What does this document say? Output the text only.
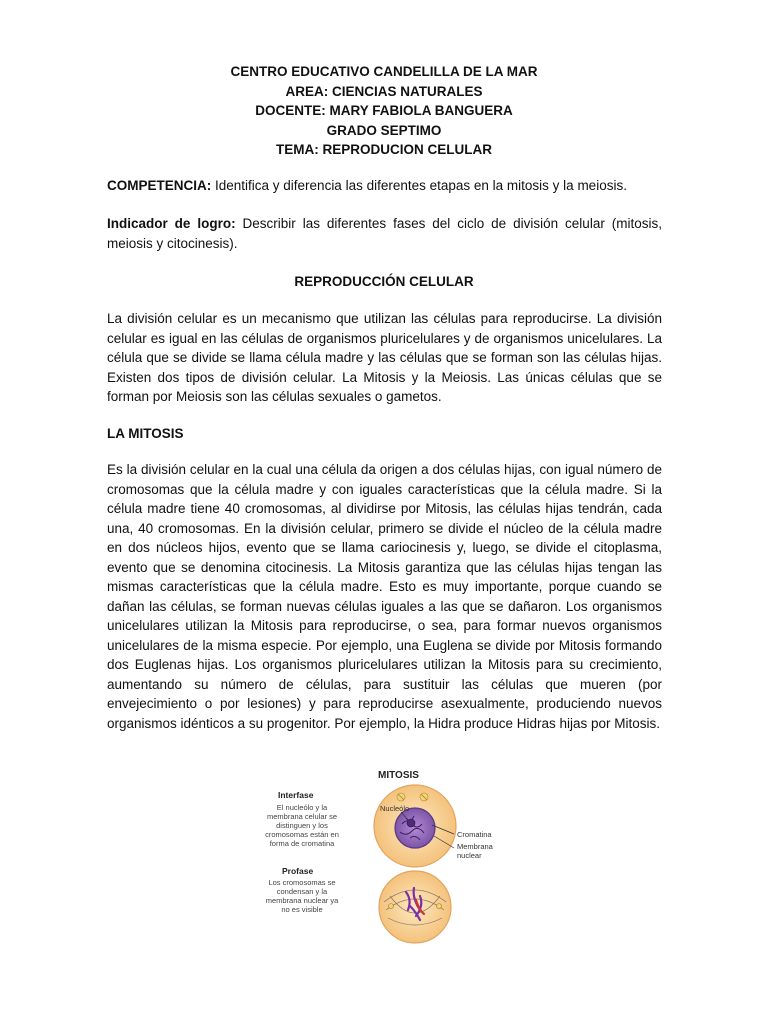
CENTRO EDUCATIVO CANDELILLA DE LA MAR
AREA: CIENCIAS NATURALES
DOCENTE: MARY FABIOLA BANGUERA
GRADO SEPTIMO
TEMA: REPRODUCION CELULAR
COMPETENCIA: Identifica y diferencia las diferentes etapas en la mitosis y la meiosis.
Indicador de logro: Describir las diferentes fases del ciclo de división celular (mitosis, meiosis y citocinesis).
REPRODUCCIÓN CELULAR
La división celular es un mecanismo que utilizan las células para reproducirse. La división celular es igual en las células de organismos pluricelulares y de organismos unicelulares. La célula que se divide se llama célula madre y las células que se forman son las células hijas. Existen dos tipos de división celular. La Mitosis y la Meiosis. Las únicas células que se forman por Meiosis son las células sexuales o gametos.
LA MITOSIS
Es la división celular en la cual una célula da origen a dos células hijas, con igual número de cromosomas que la célula madre y con iguales características que la célula madre. Si la célula madre tiene 40 cromosomas, al dividirse por Mitosis, las células hijas tendrán, cada una, 40 cromosomas. En la división celular, primero se divide el núcleo de la célula madre en dos núcleos hijos, evento que se llama cariocinesis y, luego, se divide el citoplasma, evento que se denomina citocinesis. La Mitosis garantiza que las células hijas tengan las mismas características que la célula madre. Esto es muy importante, porque cuando se dañan las células, se forman nuevas células iguales a las que se dañaron. Los organismos unicelulares utilizan la Mitosis para reproducirse, o sea, para formar nuevos organismos unicelulares de la misma especie. Por ejemplo, una Euglena se divide por Mitosis formando dos Euglenas hijas. Los organismos pluricelulares utilizan la Mitosis para su crecimiento, aumentando su número de células, para sustituir las células que mueren (por envejecimiento o por lesiones) y para reproducirse asexualmente, produciendo nuevos organismos idénticos a su progenitor. Por ejemplo, la Hidra produce Hidras hijas por Mitosis.
MITOSIS
Interfase
El nucleólo y la membrana celular se distinguen y los cromosomas están en forma de cromatina
Profase
Los cromosomas se condensan y la membrana nuclear ya no es visible
Nucleólo
Cromatina
Membrana nuclear
